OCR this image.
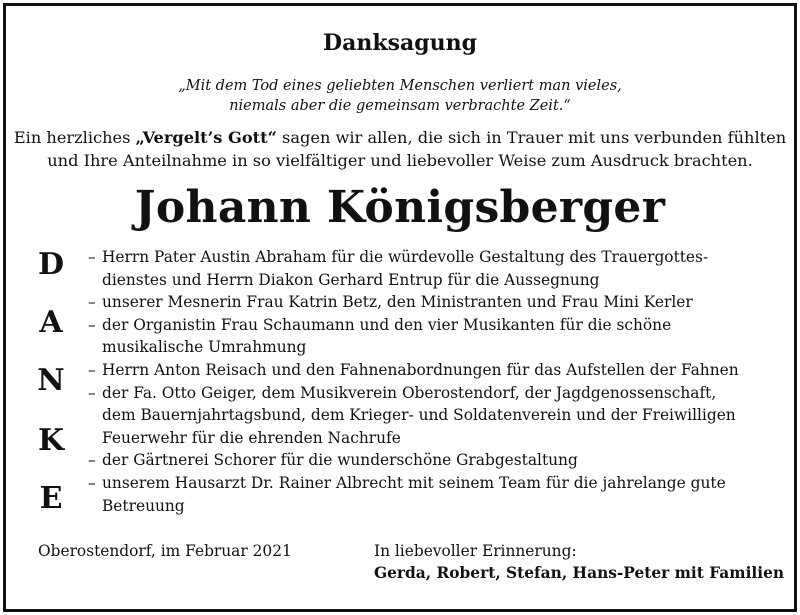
Danksagung
„Mit dem Tod eines geliebten Menschen verliert man vieles,
niemals aber die gemeinsam verbrachte Zeit.“
Ein herzliches „Vergelt’s Gott“ sagen wir allen, die sich in Trauer mit uns verbunden fühlten
und Ihre Anteilnahme in so vielfältiger und liebevoller Weise zum Ausdruck brachten.
Johann Königsberger
D
A
N
K
E
– Herrn Pater Austin Abraham für die würdevolle Gestaltung des Trauergottes-
dienstes und Herrn Diakon Gerhard Entrup für die Aussegnung
– unserer Mesnerin Frau Katrin Betz, den Ministranten und Frau Mini Kerler
– der Organistin Frau Schaumann und den vier Musikanten für die schöne
musikalische Umrahmung
– Herrn Anton Reisach und den Fahnenabordnungen für das Aufstellen der Fahnen
– der Fa. Otto Geiger, dem Musikverein Oberostendorf, der Jagdgenossenschaft,
dem Bauernjahrtagsbund, dem Krieger- und Soldatenverein und der Freiwilligen
Feuerwehr für die ehrenden Nachrufe
– der Gärtnerei Schorer für die wunderschöne Grabgestaltung
– unserem Hausarzt Dr. Rainer Albrecht mit seinem Team für die jahrelange gute
Betreuung
Oberostendorf, im Februar 2021	In liebevoller Erinnerung:
Gerda, Robert, Stefan, Hans-Peter mit Familien
